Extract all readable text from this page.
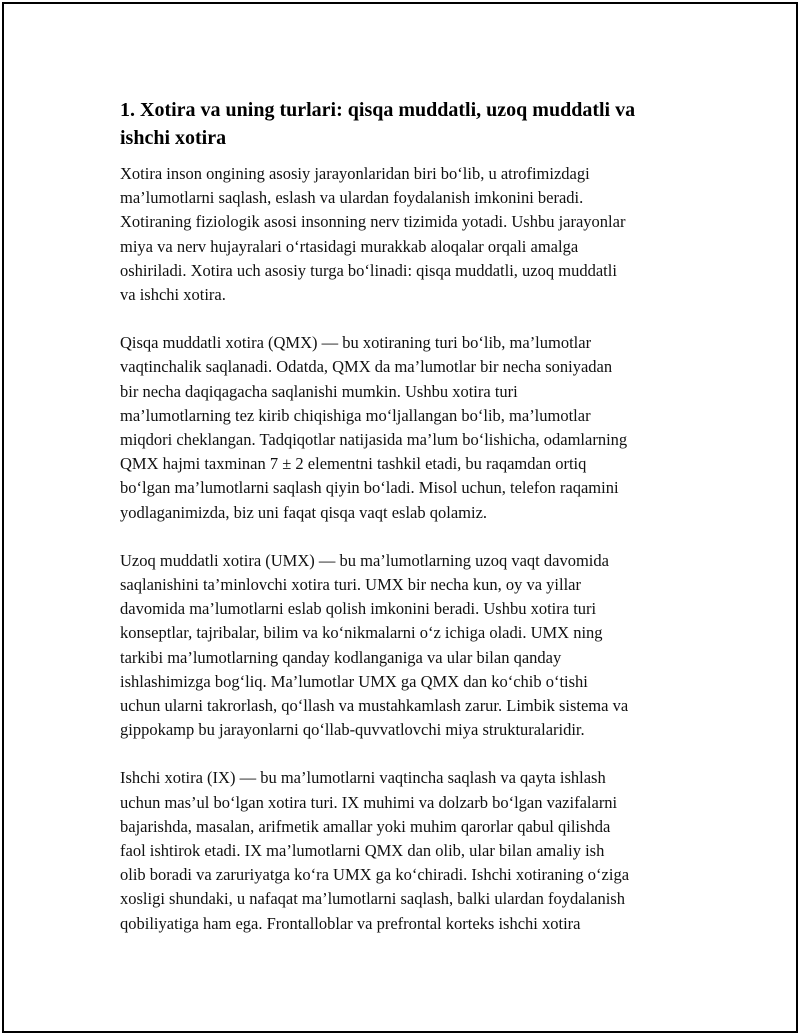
1. Xotira va uning turlari: qisqa muddatli, uzoq muddatli va
ishchi xotira

Xotira inson ongining asosiy jarayonlaridan biri bo‘lib, u atrofimizdagi
ma’lumotlarni saqlash, eslash va ulardan foydalanish imkonini beradi.
Xotiraning fiziologik asosi insonning nerv tizimida yotadi. Ushbu jarayonlar
miya va nerv hujayralari o‘rtasidagi murakkab aloqalar orqali amalga
oshiriladi. Xotira uch asosiy turga bo‘linadi: qisqa muddatli, uzoq muddatli
va ishchi xotira.

Qisqa muddatli xotira (QMX) — bu xotiraning turi bo‘lib, ma’lumotlar
vaqtinchalik saqlanadi. Odatda, QMX da ma’lumotlar bir necha soniyadan
bir necha daqiqagacha saqlanishi mumkin. Ushbu xotira turi
ma’lumotlarning tez kirib chiqishiga mo‘ljallangan bo‘lib, ma’lumotlar
miqdori cheklangan. Tadqiqotlar natijasida ma’lum bo‘lishicha, odamlarning
QMX hajmi taxminan 7 ± 2 elementni tashkil etadi, bu raqamdan ortiq
bo‘lgan ma’lumotlarni saqlash qiyin bo‘ladi. Misol uchun, telefon raqamini
yodlaganimizda, biz uni faqat qisqa vaqt eslab qolamiz.

Uzoq muddatli xotira (UMX) — bu ma’lumotlarning uzoq vaqt davomida
saqlanishini ta’minlovchi xotira turi. UMX bir necha kun, oy va yillar
davomida ma’lumotlarni eslab qolish imkonini beradi. Ushbu xotira turi
konseptlar, tajribalar, bilim va ko‘nikmalarni o‘z ichiga oladi. UMX ning
tarkibi ma’lumotlarning qanday kodlanganiga va ular bilan qanday
ishlashimizga bog‘liq. Ma’lumotlar UMX ga QMX dan ko‘chib o‘tishi
uchun ularni takrorlash, qo‘llash va mustahkamlash zarur. Limbik sistema va
gippokamp bu jarayonlarni qo‘llab-quvvatlovchi miya strukturalaridir.

Ishchi xotira (IX) — bu ma’lumotlarni vaqtincha saqlash va qayta ishlash
uchun mas’ul bo‘lgan xotira turi. IX muhimi va dolzarb bo‘lgan vazifalarni
bajarishda, masalan, arifmetik amallar yoki muhim qarorlar qabul qilishda
faol ishtirok etadi. IX ma’lumotlarni QMX dan olib, ular bilan amaliy ish
olib boradi va zaruriyatga ko‘ra UMX ga ko‘chiradi. Ishchi xotiraning o‘ziga
xosligi shundaki, u nafaqat ma’lumotlarni saqlash, balki ulardan foydalanish
qobiliyatiga ham ega. Frontalloblar va prefrontal korteks ishchi xotira
